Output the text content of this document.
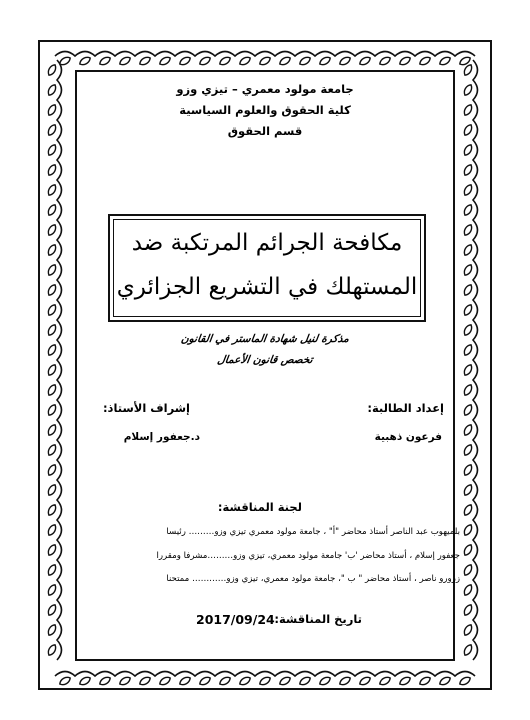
جامعة مولود معمري – تيزي وزو
كلية الحقوق والعلوم السياسية
قسم الحقوق
مكافحة الجرائم المرتكبة ضد
المستهلك في التشريع الجزائري
مذكرة لنيل شهادة الماستر في القانون
تخصص قانون الأعمال
إعداد الطالبة:
فرعون ذهبية
إشراف الأستاذ:
د.جعفور إسلام
لجنة المناقشة:
بلميهوب عبد الناصر أستاذ محاضر "أ" ، جامعة مولود معمري تيزي وزو……… رئيسا
جعفور إسلام ، أستاذ محاضر 'ب' جامعة مولود معمري، تيزي وزو………مشرفا ومقررا
زرورو ناصر ، أستاذ محاضر " ب "، جامعة مولود معمري، تيزي وزو………… ممتحنا
تاريخ المناقشة:
2017/09/24
